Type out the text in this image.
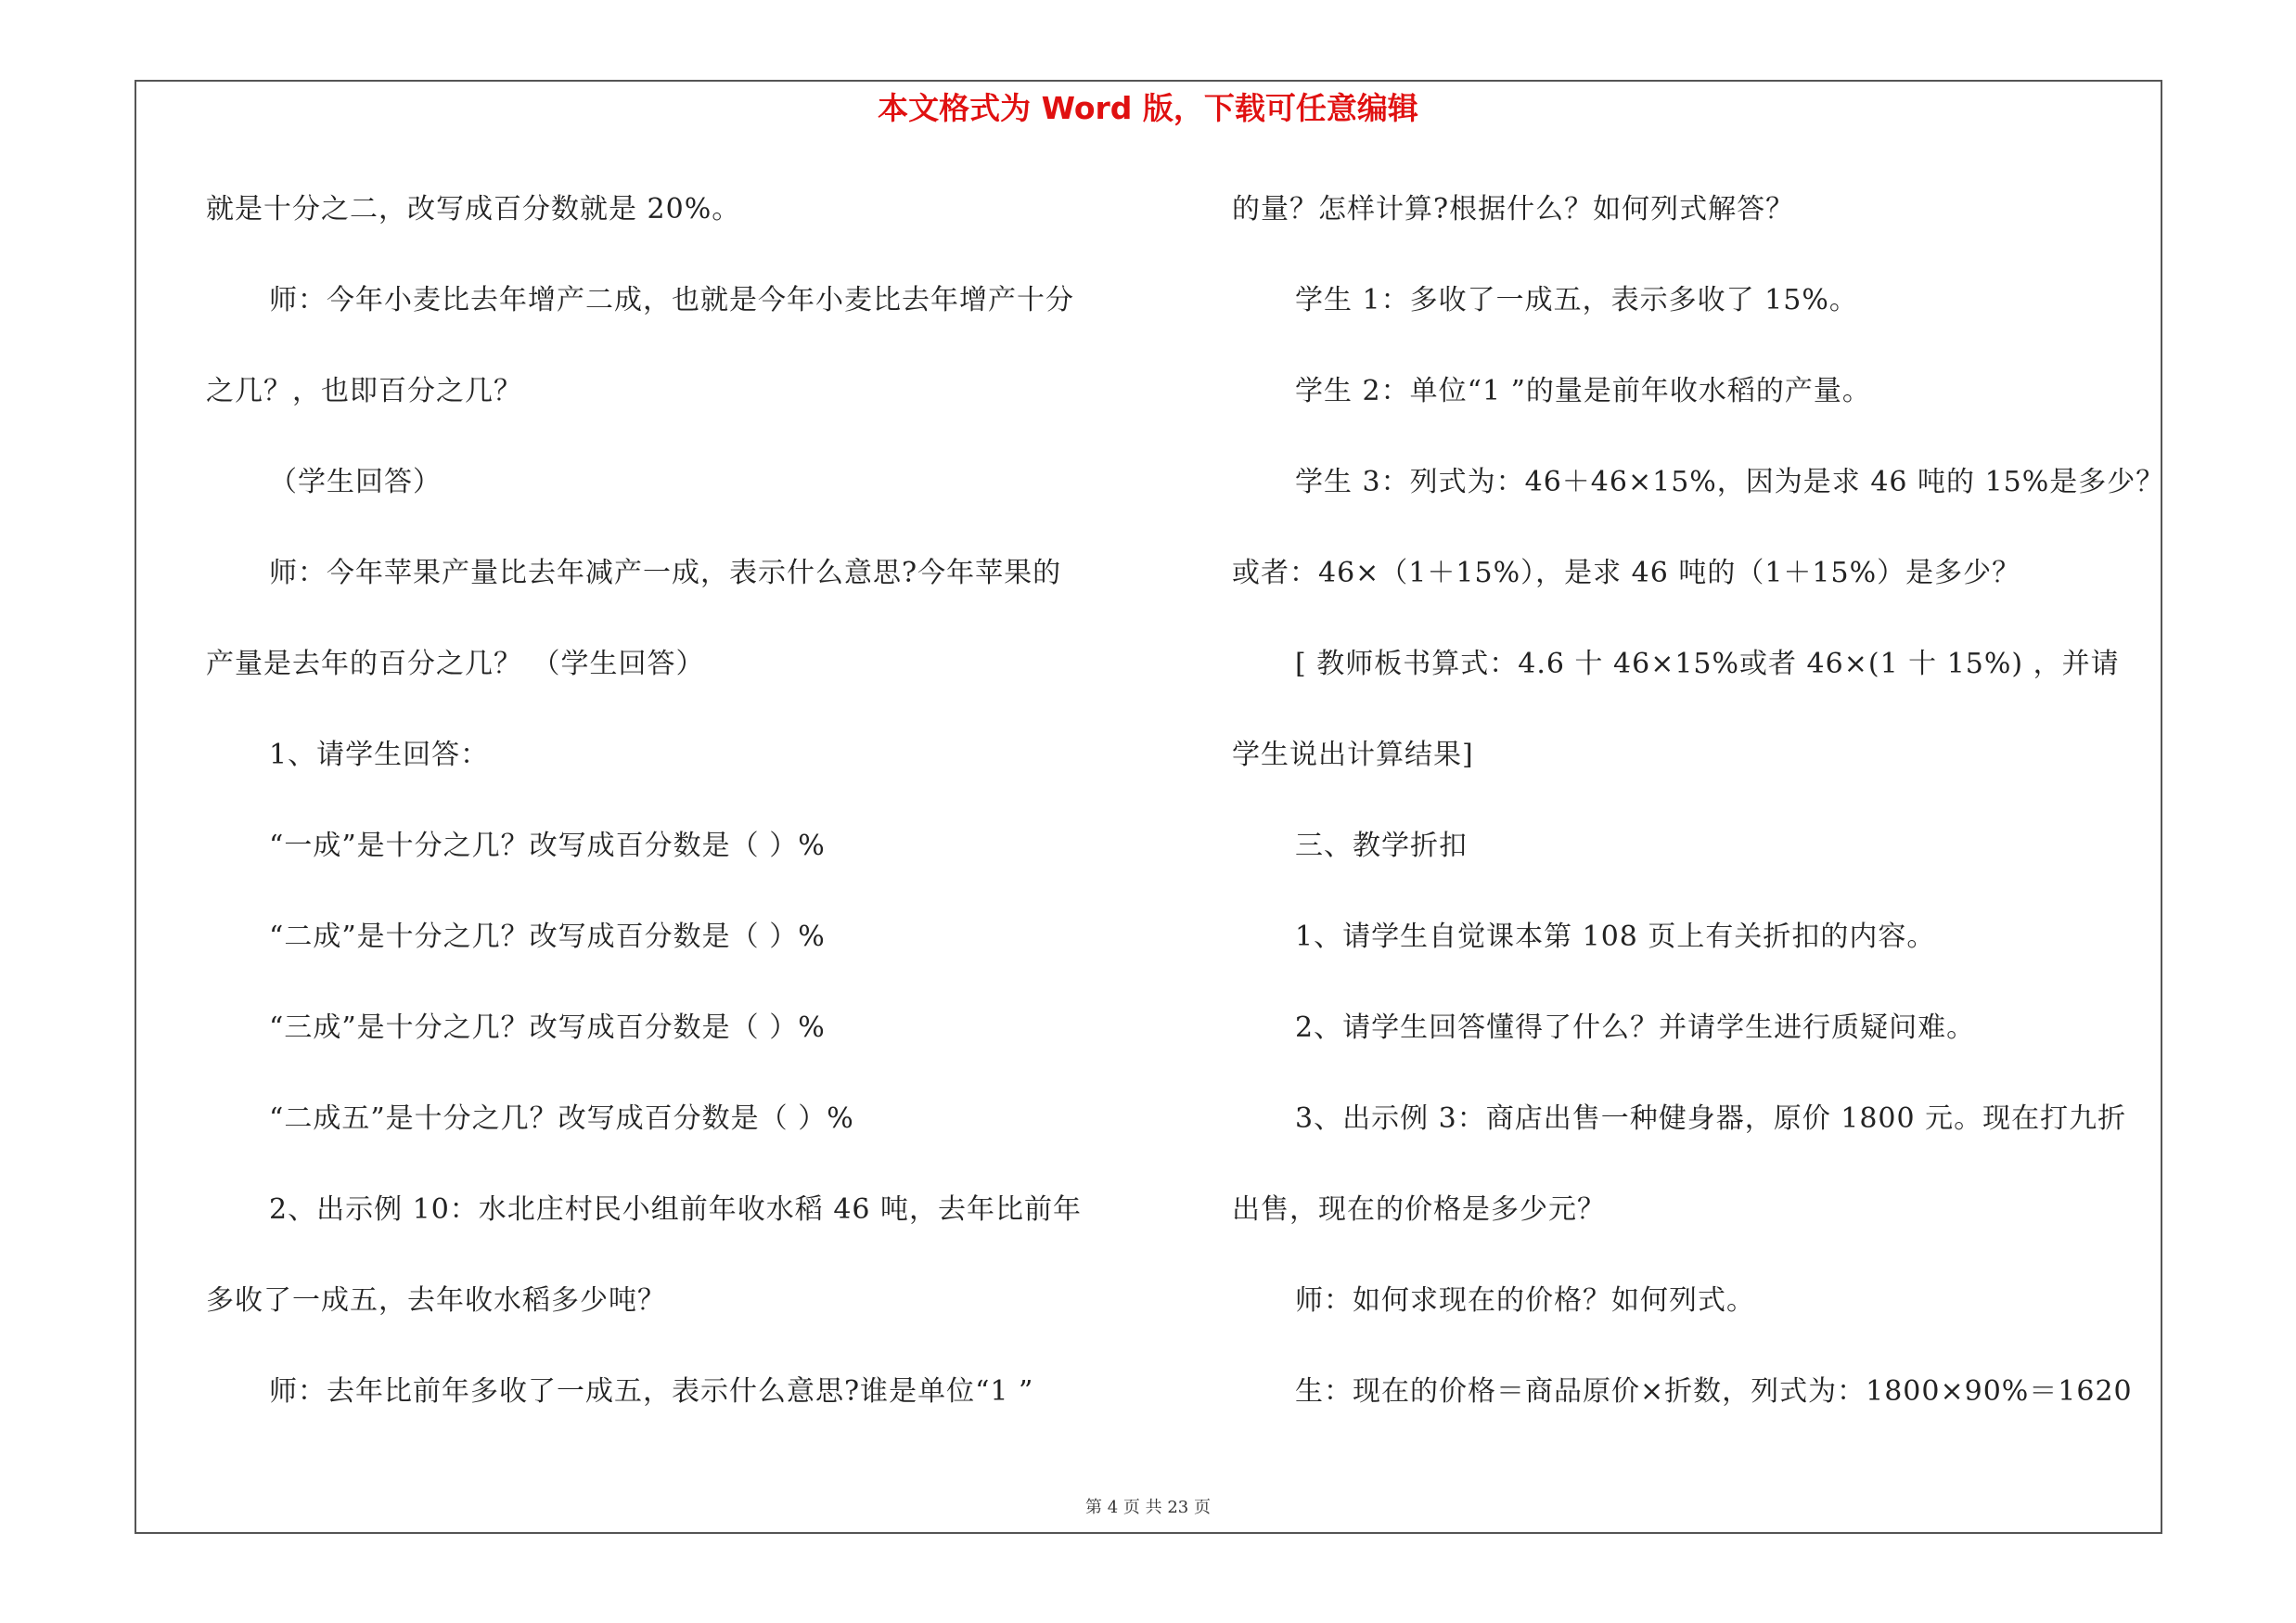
本文格式为 Word 版，下载可任意编辑
就是十分之二，改写成百分数就是 20%。
师：今年小麦比去年增产二成，也就是今年小麦比去年增产十分
之几？，也即百分之几？
（学生回答）
师：今年苹果产量比去年减产一成，表示什么意思?今年苹果的
产量是去年的百分之几？ （学生回答）
1、请学生回答：
“一成”是十分之几？改写成百分数是（ ）%
“二成”是十分之几？改写成百分数是（ ）%
“三成”是十分之几？改写成百分数是（ ）%
“二成五”是十分之几？改写成百分数是（ ）%
2、出示例 10：水北庄村民小组前年收水稻 46 吨，去年比前年
多收了一成五，去年收水稻多少吨？
师：去年比前年多收了一成五，表示什么意思?谁是单位“1 ”
的量？怎样计算?根据什么？如何列式解答？
学生 1：多收了一成五，表示多收了 15%。
学生 2：单位“1 ”的量是前年收水稻的产量。
学生 3：列式为：46＋46×15%，因为是求 46 吨的 15%是多少？
或者：46×（1＋15%），是求 46 吨的（1＋15%）是多少？
[ 教师板书算式：4.6 十 46×15%或者 46×(1 十 15%) ，并请
学生说出计算结果]
三、教学折扣
1、请学生自觉课本第 108 页上有关折扣的内容。
2、请学生回答懂得了什么？并请学生进行质疑问难。
3、出示例 3：商店出售一种健身器，原价 1800 元。现在打九折
出售，现在的价格是多少元？
师：如何求现在的价格？如何列式。
生：现在的价格＝商品原价×折数，列式为：1800×90%＝1620
第 4 页 共 23 页
